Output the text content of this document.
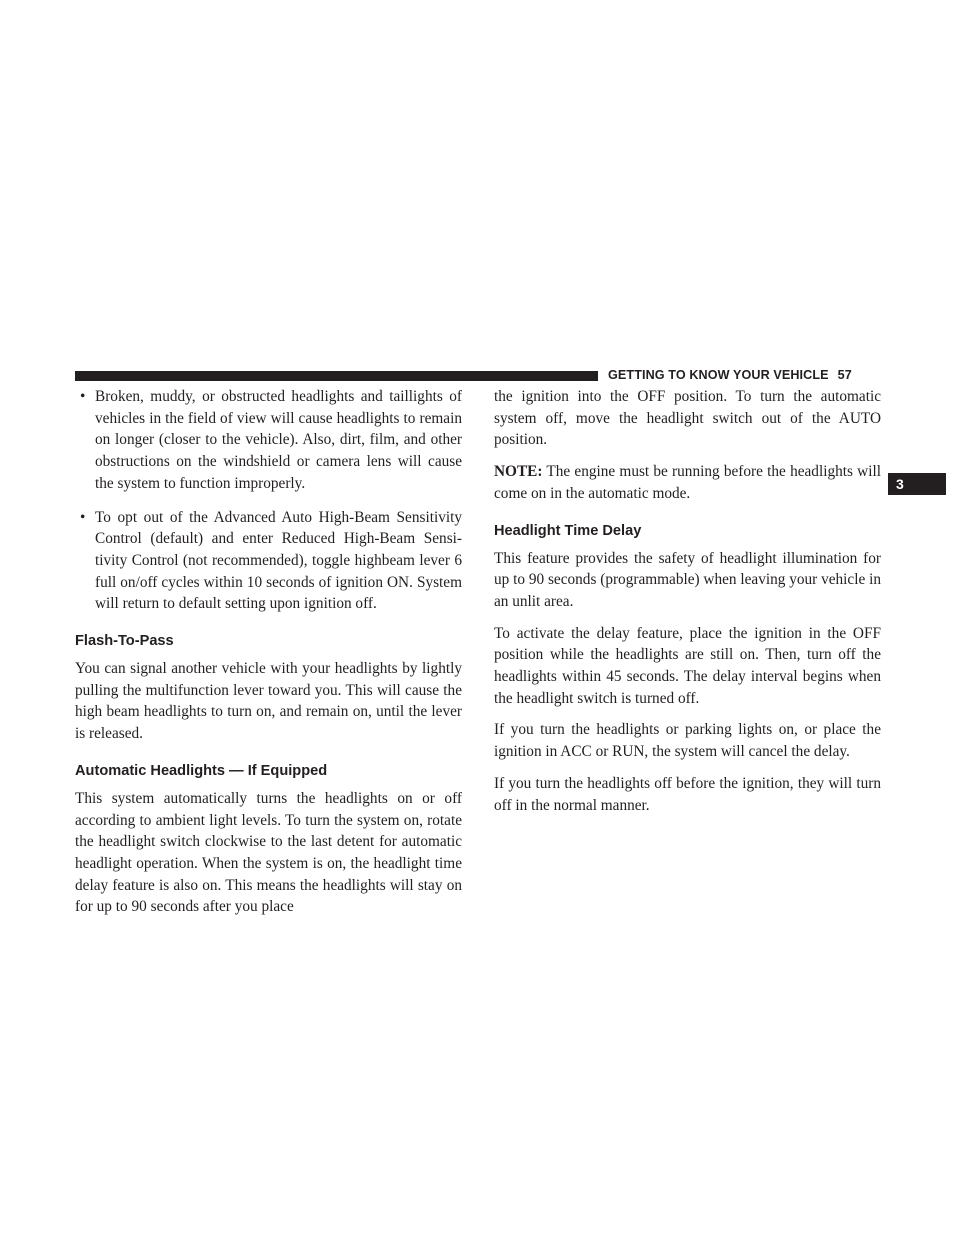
GETTING TO KNOW YOUR VEHICLE 57
3
• Broken, muddy, or obstructed headlights and taillights of vehicles in the field of view will cause headlights to remain on longer (closer to the vehicle). Also, dirt, film, and other obstructions on the windshield or camera lens will cause the system to function improperly.
• To opt out of the Advanced Auto High-Beam Sensitivity Control (default) and enter Reduced High-Beam Sensi-tivity Control (not recommended), toggle highbeam lever 6 full on/off cycles within 10 seconds of ignition ON. System will return to default setting upon ignition off.
Flash-To-Pass

You can signal another vehicle with your headlights by lightly pulling the multifunction lever toward you. This will cause the high beam headlights to turn on, and remain on, until the lever is released.

Automatic Headlights — If Equipped

This system automatically turns the headlights on or off according to ambient light levels. To turn the system on, rotate the headlight switch clockwise to the last detent for automatic headlight operation. When the system is on, the headlight time delay feature is also on. This means the headlights will stay on for up to 90 seconds after you place

the ignition into the OFF position. To turn the automatic system off, move the headlight switch out of the AUTO position.

NOTE: The engine must be running before the headlights will come on in the automatic mode.

Headlight Time Delay

This feature provides the safety of headlight illumination for up to 90 seconds (programmable) when leaving your vehicle in an unlit area.

To activate the delay feature, place the ignition in the OFF position while the headlights are still on. Then, turn off the headlights within 45 seconds. The delay interval begins when the headlight switch is turned off.

If you turn the headlights or parking lights on, or place the ignition in ACC or RUN, the system will cancel the delay.

If you turn the headlights off before the ignition, they will turn off in the normal manner.
